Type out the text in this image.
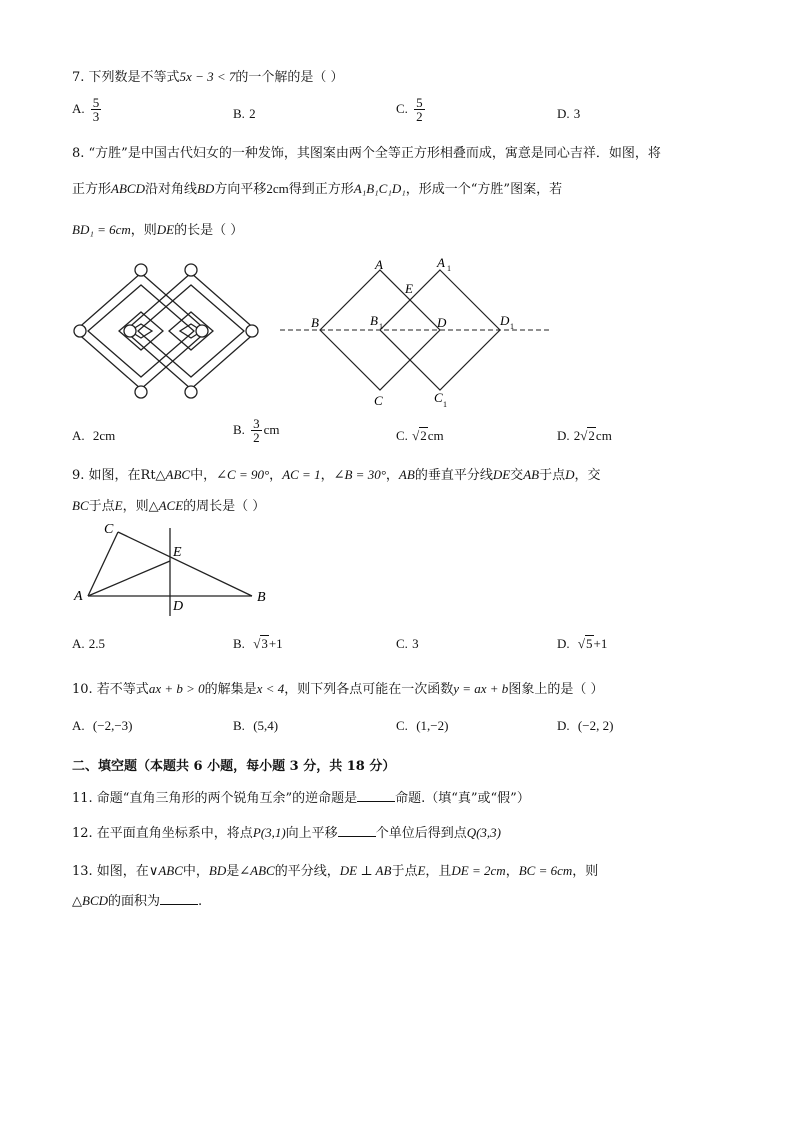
7. 下列数是不等式5x − 3 < 7的一个解的是（ ）
A. $\frac{5}{3}$	B. 2	C. $\frac{5}{2}$	D. 3
8. “方胜”是中国古代妇女的一种发饰，其图案由两个全等正方形相叠而成，寓意是同心吉祥．如图，将
正方形ABCD沿对角线BD方向平移2cm得到正方形A₁B₁C₁D₁，形成一个“方胜”图案，若
BD₁ = 6cm，则DE的长是（ ）
A	A 1
E
B	B 1	D	D 1
C	C 1
A. 2cm	B. $\frac{3}{2}$ cm	C. √2cm	D. 2√2cm
9. 如图，在Rt△ABC中，∠C = 90°，AC = 1，∠B = 30°，AB的垂直平分线DE交AB于点D，交
BC于点E，则△ACE的周长是（ ）
C
E
A
D
B
A. 2.5	B. √3+1	C. 3	D. √5+1
10. 若不等式ax + b > 0的解集是x < 4，则下列各点可能在一次函数y = ax + b图象上的是（ ）
A. (−2,−3)	B. (5,4)	C. (1,−2)	D. (−2, 2)
二、填空题（本题共 6 小题，每小题 3 分，共 18 分）
11. 命题“直角三角形的两个锐角互余”的逆命题是	命题.（填“真”或“假”）
12. 在平面直角坐标系中，将点P(3,1)向上平移	个单位后得到点Q(3,3)
13. 如图，在∨ABC中，BD是∠ABC的平分线，DE ⊥ AB于点E，且DE = 2cm，BC = 6cm，则
△BCD的面积为	.
